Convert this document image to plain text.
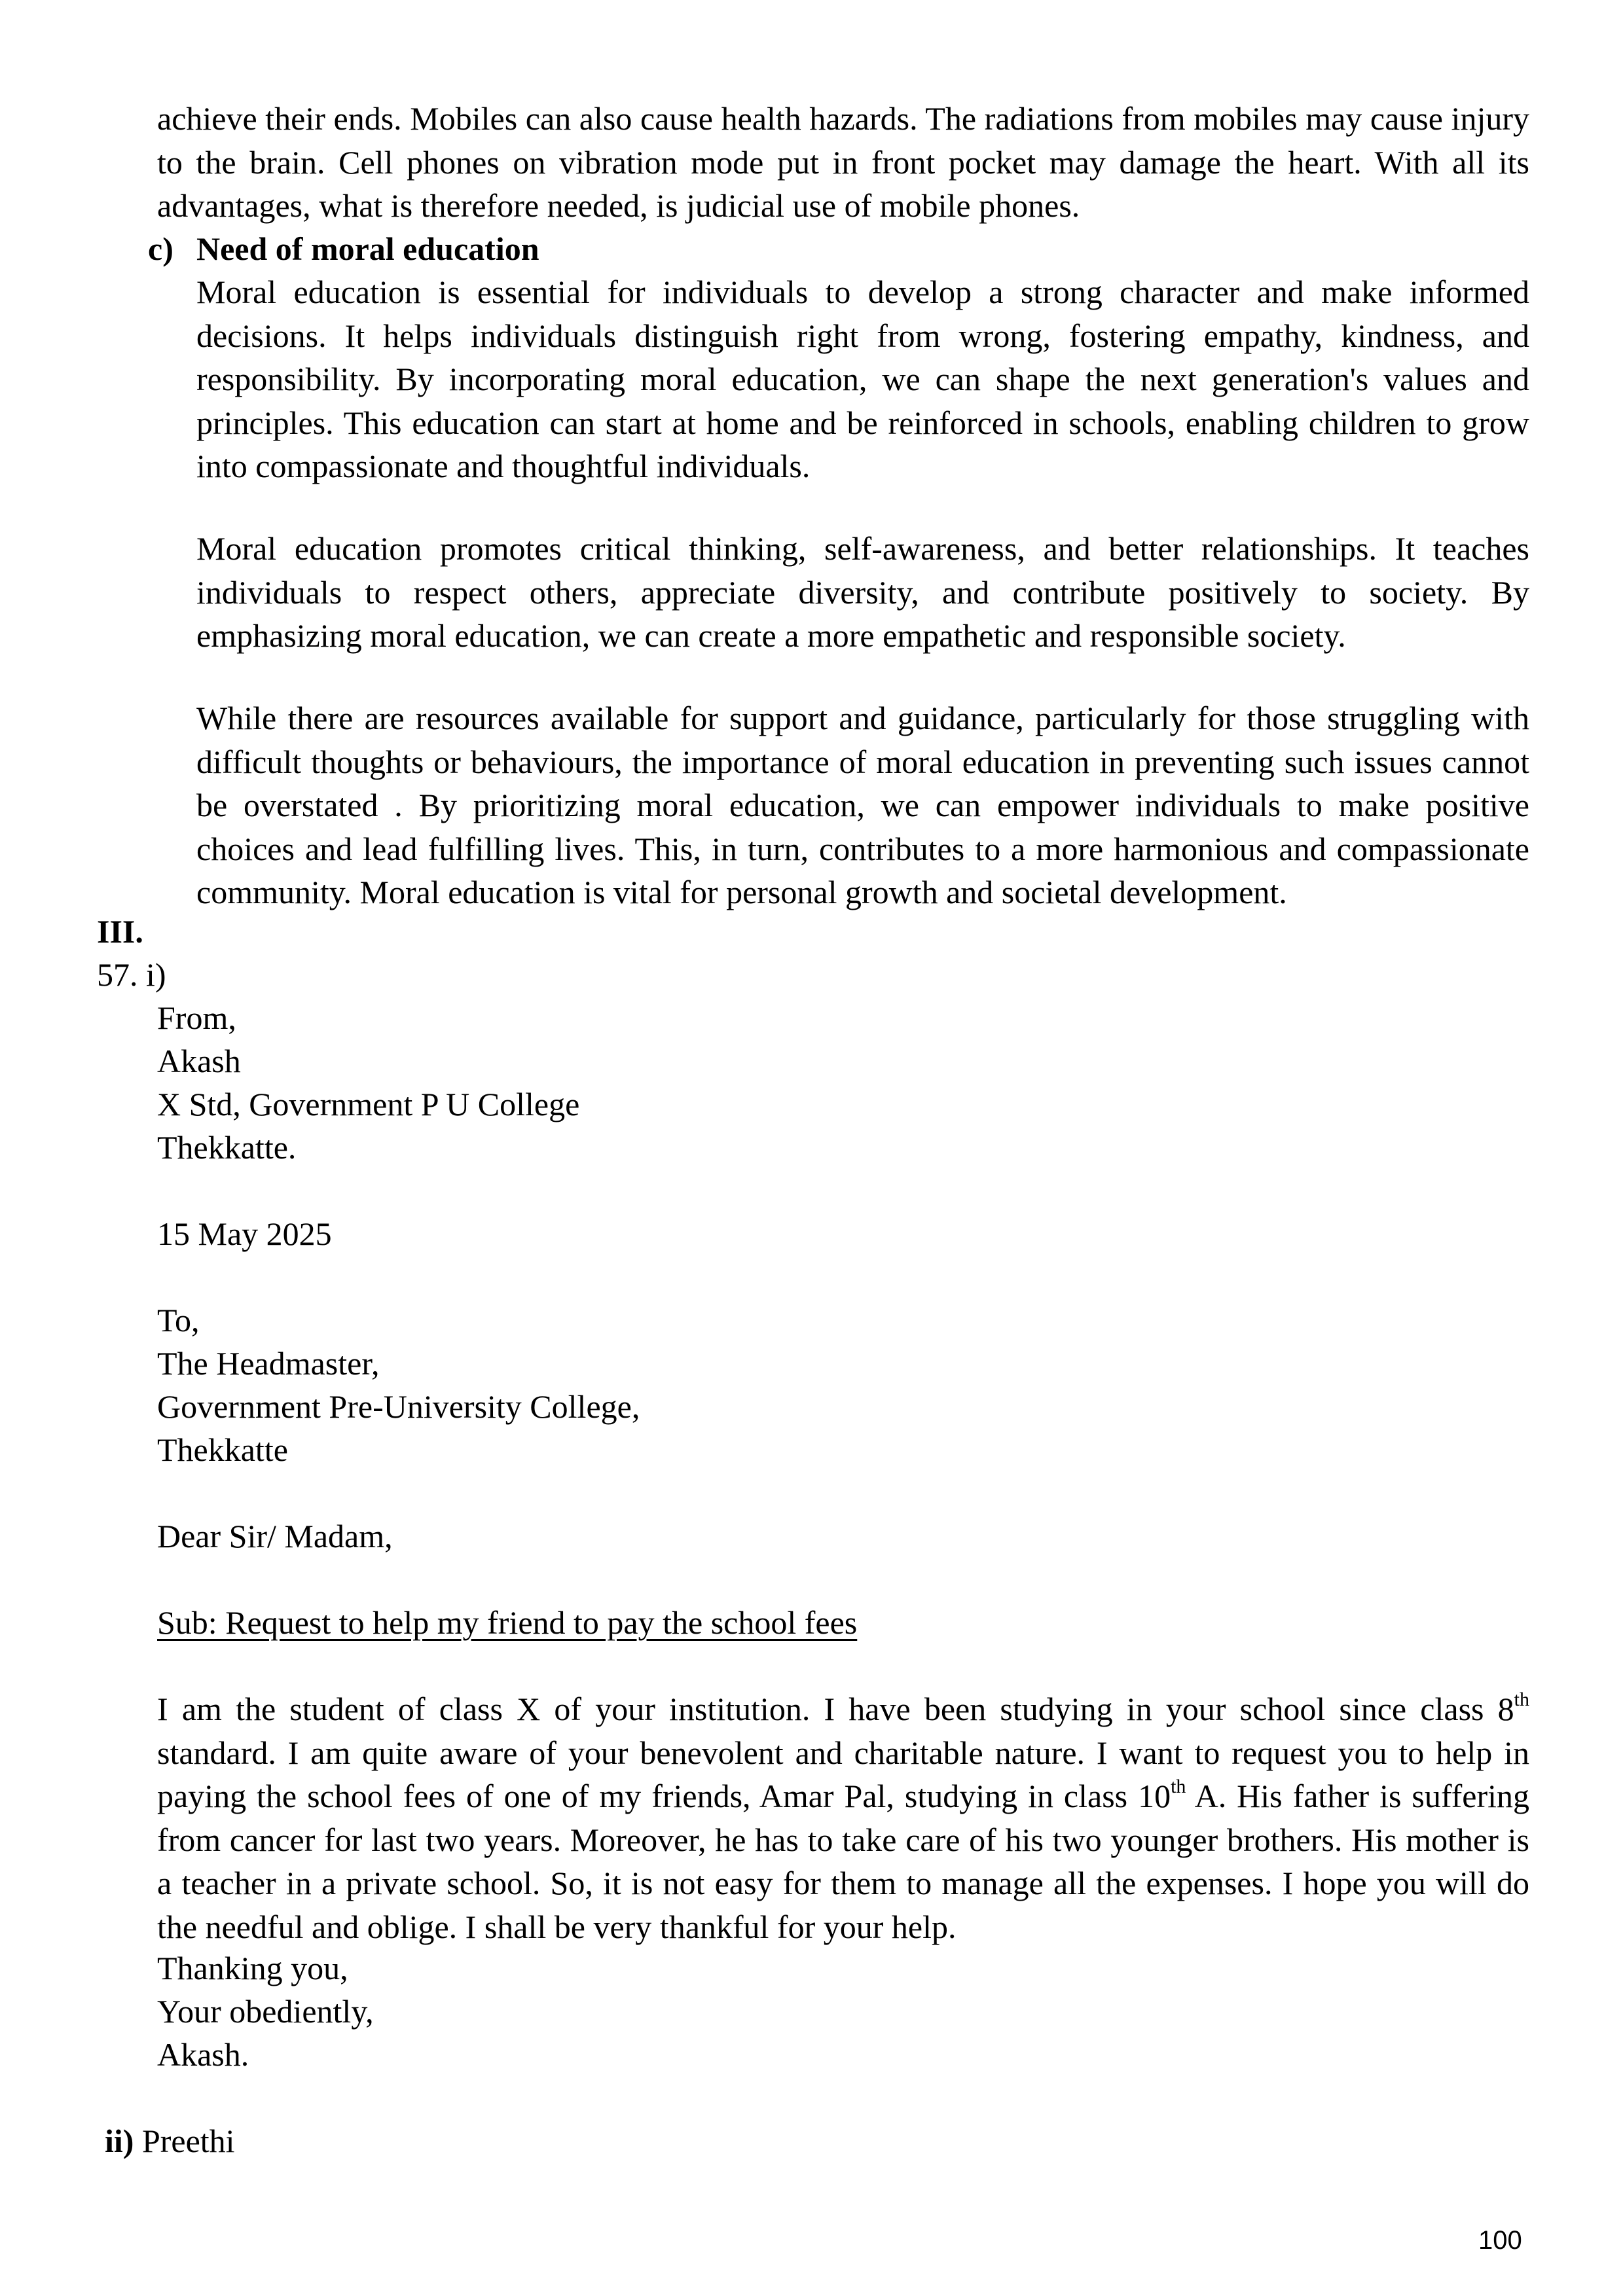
achieve their ends. Mobiles can also cause health hazards. The radiations from mobiles may cause injury to the brain. Cell phones on vibration mode put in front pocket may damage the heart. With all its advantages, what is therefore needed, is judicial use of mobile phones.
c) Need of moral education
Moral education is essential for individuals to develop a strong character and make informed decisions. It helps individuals distinguish right from wrong, fostering empathy, kindness, and responsibility. By incorporating moral education, we can shape the next generation's values and principles. This education can start at home and be reinforced in schools, enabling children to grow into compassionate and thoughtful individuals.
Moral education promotes critical thinking, self-awareness, and better relationships. It teaches individuals to respect others, appreciate diversity, and contribute positively to society. By emphasizing moral education, we can create a more empathetic and responsible society.
While there are resources available for support and guidance, particularly for those struggling with difficult thoughts or behaviours, the importance of moral education in preventing such issues cannot be overstated . By prioritizing moral education, we can empower individuals to make positive choices and lead fulfilling lives. This, in turn, contributes to a more harmonious and compassionate community. Moral education is vital for personal growth and societal development.
III.
57. i)
From,
Akash
X Std, Government P U College
Thekkatte.
15 May 2025
To,
The Headmaster,
Government Pre-University College,
Thekkatte
Dear Sir/ Madam,
Sub: Request to help my friend to pay the school fees
I am the student of class X of your institution. I have been studying in your school since class 8th standard. I am quite aware of your benevolent and charitable nature. I want to request you to help in paying the school fees of one of my friends, Amar Pal, studying in class 10th A. His father is suffering from cancer for last two years. Moreover, he has to take care of his two younger brothers. His mother is a teacher in a private school. So, it is not easy for them to manage all the expenses. I hope you will do the needful and oblige. I shall be very thankful for your help.
Thanking you,
Your obediently,
Akash.
ii) Preethi
100
